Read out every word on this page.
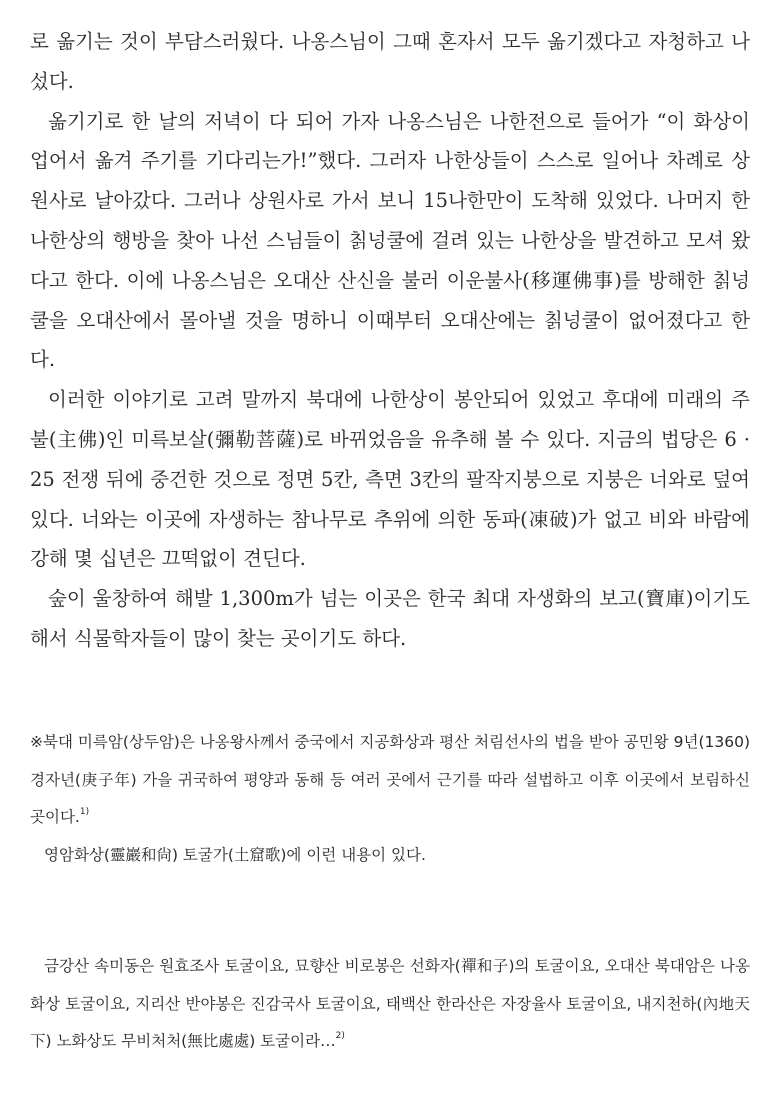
로 옮기는 것이 부담스러웠다. 나옹스님이 그때 혼자서 모두 옮기겠다고 자청하고 나섰다.

옮기기로 한 날의 저녁이 다 되어 가자 나옹스님은 나한전으로 들어가 “이 화상이 업어서 옮겨 주기를 기다리는가!”했다. 그러자 나한상들이 스스로 일어나 차례로 상원사로 날아갔다. 그러나 상원사로 가서 보니 15나한만이 도착해 있었다. 나머지 한 나한상의 행방을 찾아 나선 스님들이 칡넝쿨에 걸려 있는 나한상을 발견하고 모셔 왔다고 한다. 이에 나옹스님은 오대산 산신을 불러 이운불사(移運佛事)를 방해한 칡넝쿨을 오대산에서 몰아낼 것을 명하니 이때부터 오대산에는 칡넝쿨이 없어졌다고 한다.

이러한 이야기로 고려 말까지 북대에 나한상이 봉안되어 있었고 후대에 미래의 주불(主佛)인 미륵보살(彌勒菩薩)로 바뀌었음을 유추해 볼 수 있다. 지금의 법당은 6 · 25 전쟁 뒤에 중건한 것으로 정면 5칸, 측면 3칸의 팔작지붕으로 지붕은 너와로 덮여있다. 너와는 이곳에 자생하는 참나무로 추위에 의한 동파(凍破)가 없고 비와 바람에 강해 몇 십년은 끄떡없이 견딘다.

숲이 울창하여 해발 1,300m가 넘는 이곳은 한국 최대 자생화의 보고(寶庫)이기도 해서 식물학자들이 많이 찾는 곳이기도 하다.

※북대 미륵암(상두암)은 나옹왕사께서 중국에서 지공화상과 평산 처림선사의 법을 받아 공민왕 9년(1360) 경자년(庚子年) 가을 귀국하여 평양과 동해 등 여러 곳에서 근기를 따라 설법하고 이후 이곳에서 보림하신 곳이다.$^{1)}$

영암화상(靈巖和尙) 토굴가(土窟歌)에 이런 내용이 있다.

금강산 속미동은 원효조사 토굴이요, 묘향산 비로봉은 선화자(禪和子)의 토굴이요, 오대산 북대암은 나옹화상 토굴이요, 지리산 반야봉은 진감국사 토굴이요, 태백산 한라산은 자장율사 토굴이요, 내지천하(內地天下) 노화상도 무비처처(無比處處) 토굴이라…$^{2)}$
